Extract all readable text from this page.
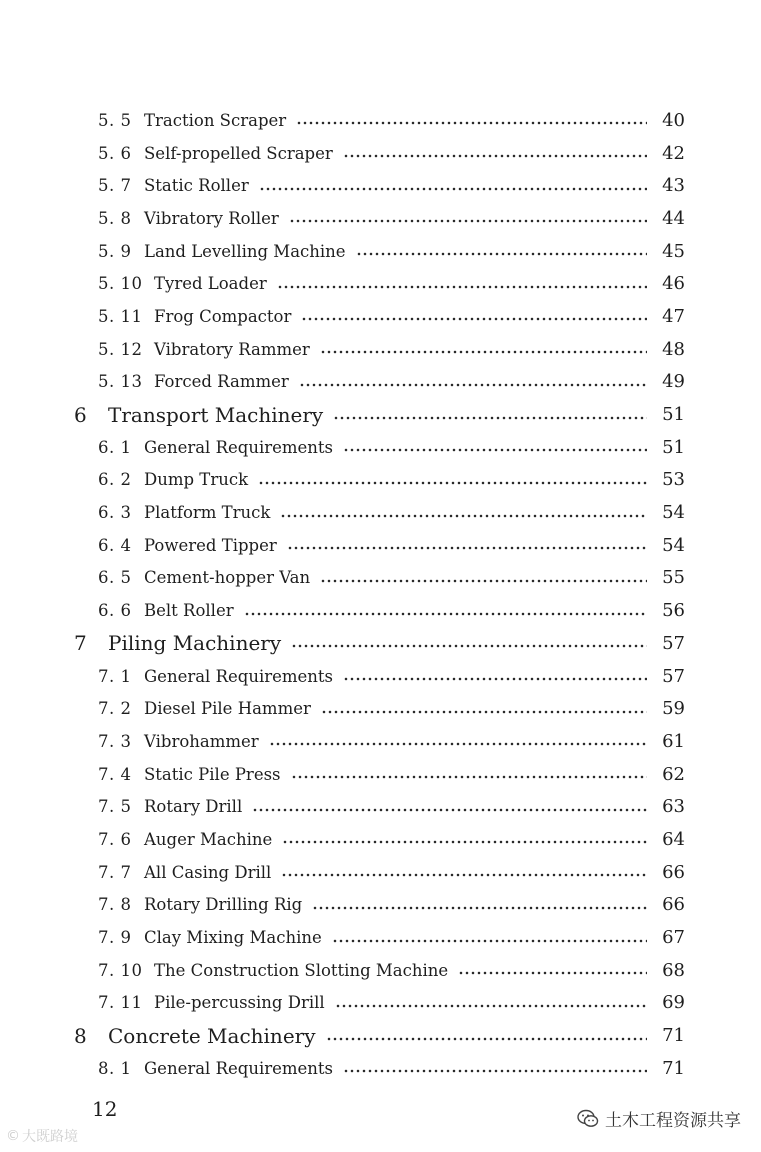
5. 5 Traction Scraper	40
5. 6 Self-propelled Scraper	42
5. 7 Static Roller	43
5. 8 Vibratory Roller	44
5. 9 Land Levelling Machine	45
5. 10 Tyred Loader	46
5. 11 Frog Compactor	47
5. 12 Vibratory Rammer	48
5. 13 Forced Rammer	49
6	Transport Machinery	51
6. 1 General Requirements	51
6. 2 Dump Truck	53
6. 3 Platform Truck	54
6. 4 Powered Tipper	54
6. 5 Cement-hopper Van	55
6. 6 Belt Roller	56
7	Piling Machinery	57
7. 1 General Requirements	57
7. 2 Diesel Pile Hammer	59
7. 3 Vibrohammer	61
7. 4 Static Pile Press	62
7. 5 Rotary Drill	63
7. 6 Auger Machine	64
7. 7 All Casing Drill	66
7. 8 Rotary Drilling Rig	66
7. 9 Clay Mixing Machine	67
7. 10 The Construction Slotting Machine	68
7. 11 Pile-percussing Drill	69
8	Concrete Machinery	71
8. 1 General Requirements	71
12	土木工程资源共享
© 大既路境
